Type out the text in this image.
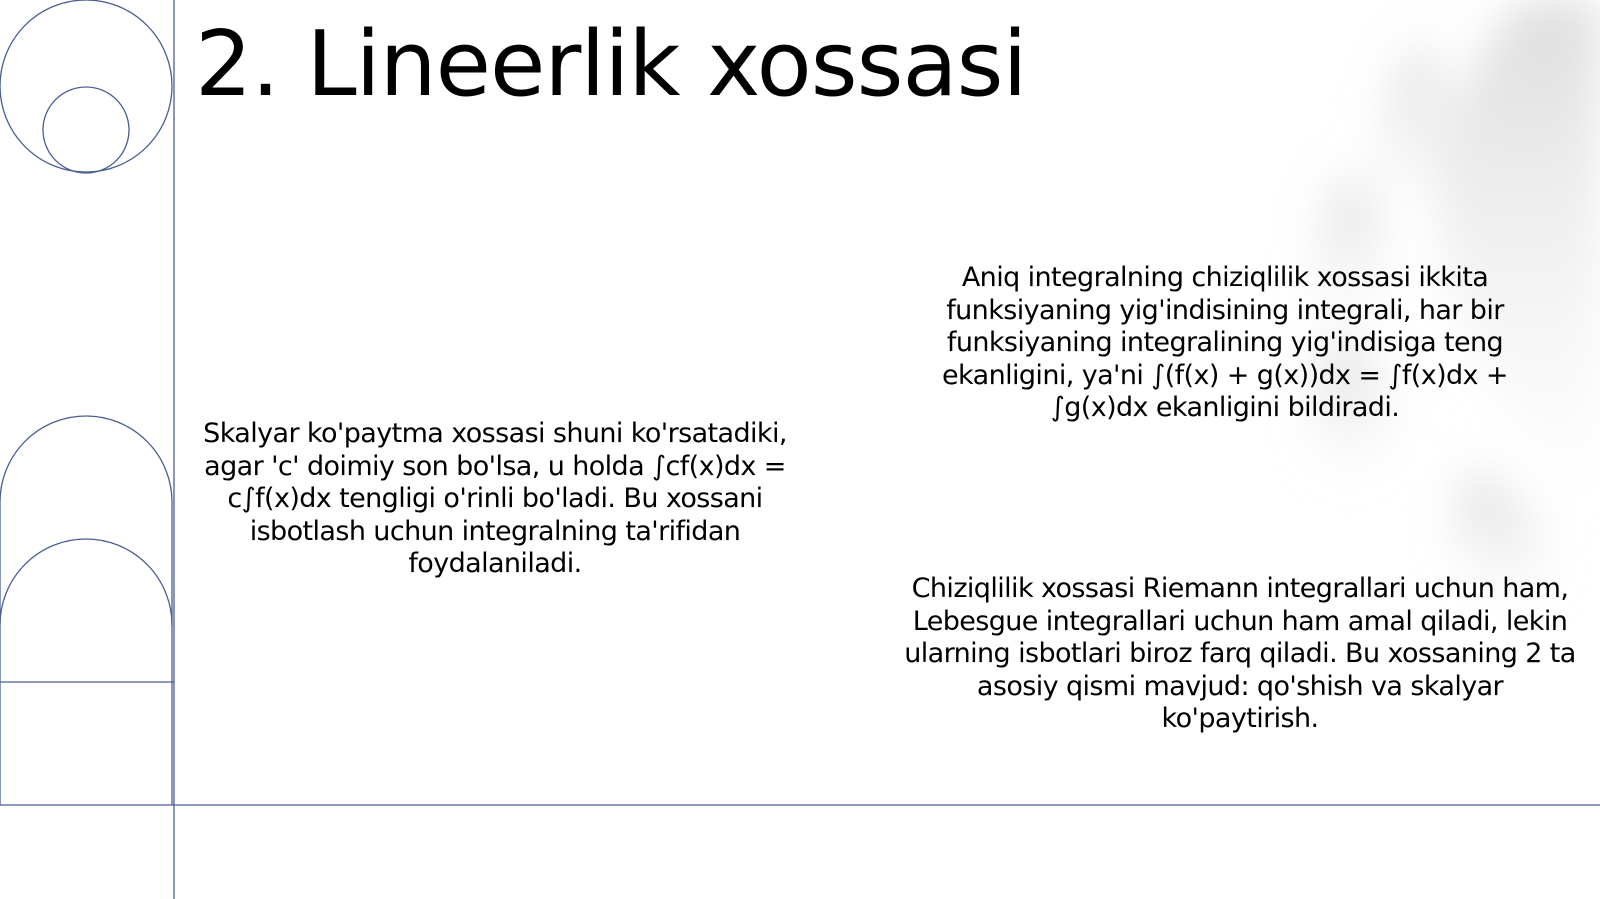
2. Lineerlik xossasi

Skalyar ko'paytma xossasi shuni ko'rsatadiki, agar 'c' doimiy son bo'lsa, u holda ∫cf(x)dx = c∫f(x)dx tengligi o'rinli bo'ladi. Bu xossani isbotlash uchun integralning ta'rifidan foydalaniladi.

Aniq integralning chiziqlilik xossasi ikkita funksiyaning yig'indisining integrali, har bir funksiyaning integralining yig'indisiga teng ekanligini, ya'ni ∫(f(x) + g(x))dx = ∫f(x)dx + ∫g(x)dx ekanligini bildiradi.

Chiziqlilik xossasi Riemann integrallari uchun ham, Lebesgue integrallari uchun ham amal qiladi, lekin ularning isbotlari biroz farq qiladi. Bu xossaning 2 ta asosiy qismi mavjud: qo'shish va skalyar ko'paytirish.
